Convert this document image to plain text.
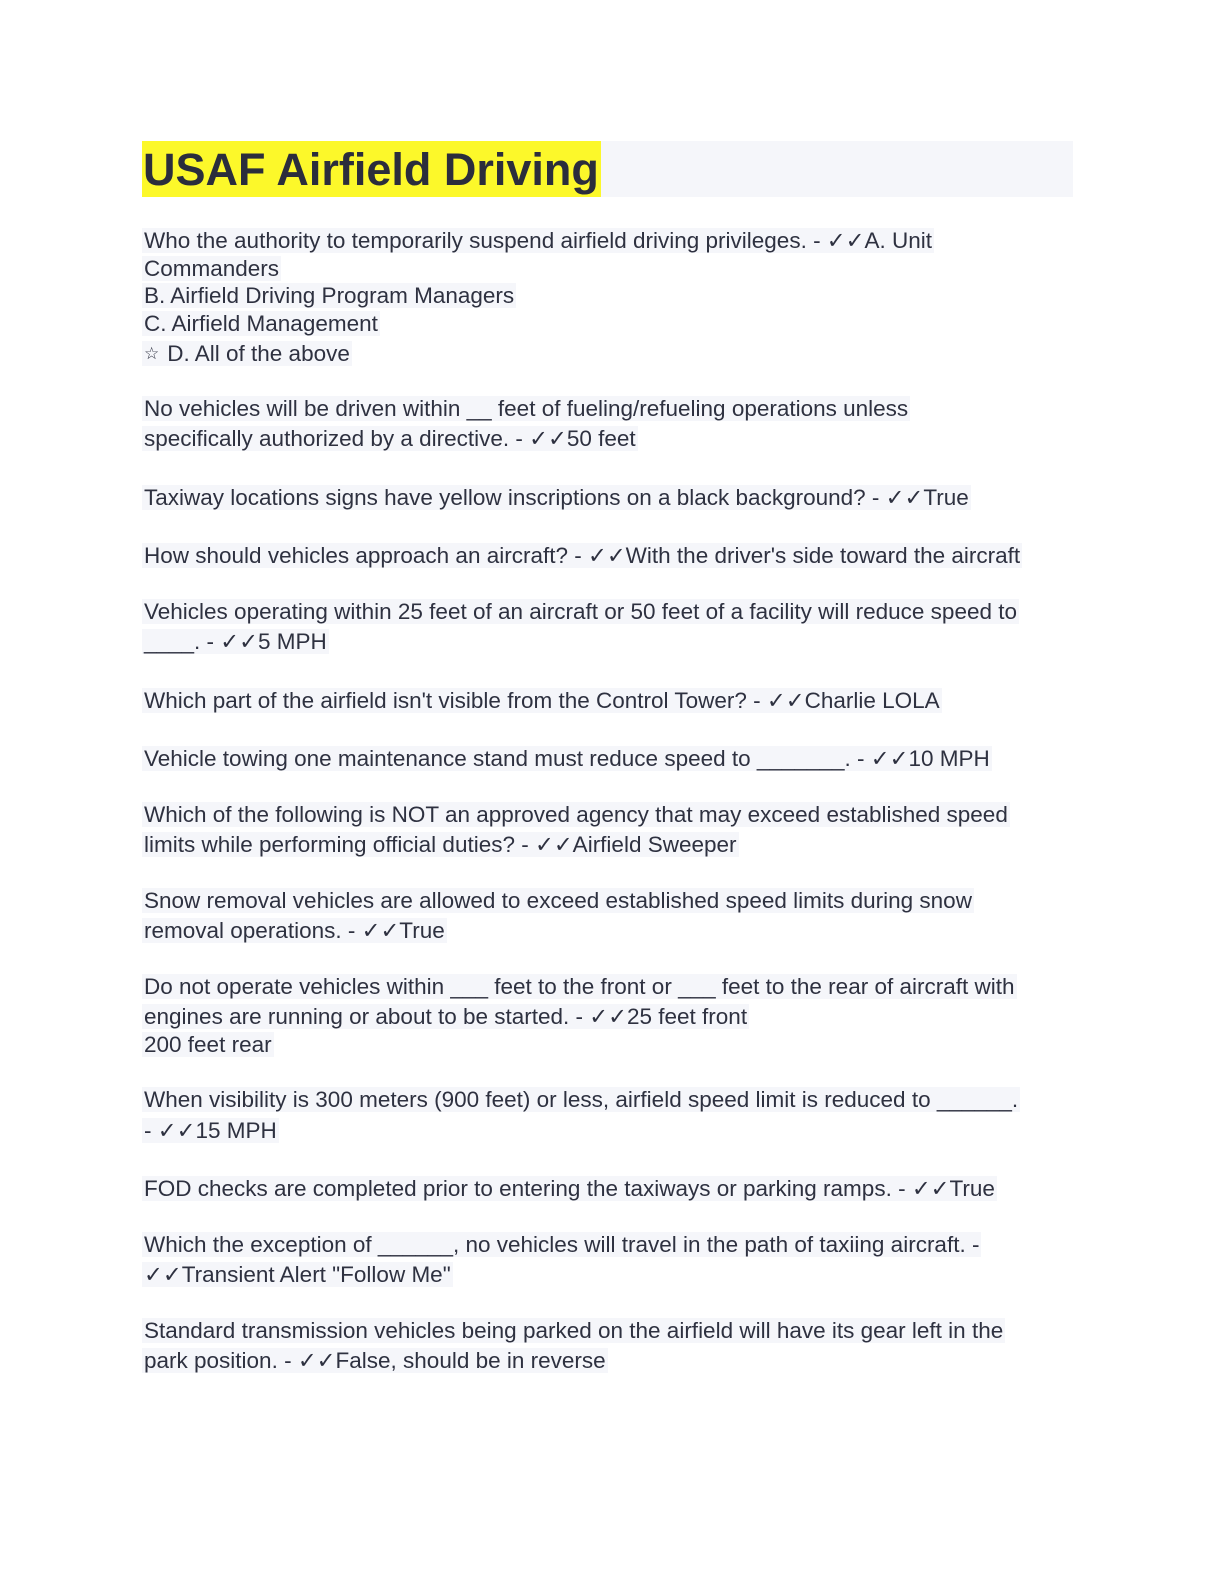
USAF Airfield Driving
Who the authority to temporarily suspend airfield driving privileges. - ✓✓A. Unit
Commanders
B. Airfield Driving Program Managers
C. Airfield Management
☆ D. All of the above
No vehicles will be driven within __ feet of fueling/refueling operations unless
specifically authorized by a directive. - ✓✓50 feet
Taxiway locations signs have yellow inscriptions on a black background? - ✓✓True
How should vehicles approach an aircraft? - ✓✓With the driver's side toward the aircraft
Vehicles operating within 25 feet of an aircraft or 50 feet of a facility will reduce speed to
____. - ✓✓5 MPH
Which part of the airfield isn't visible from the Control Tower? - ✓✓Charlie LOLA
Vehicle towing one maintenance stand must reduce speed to _______. - ✓✓10 MPH
Which of the following is NOT an approved agency that may exceed established speed
limits while performing official duties? - ✓✓Airfield Sweeper
Snow removal vehicles are allowed to exceed established speed limits during snow
removal operations. - ✓✓True
Do not operate vehicles within ___ feet to the front or ___ feet to the rear of aircraft with
engines are running or about to be started. - ✓✓25 feet front
200 feet rear
When visibility is 300 meters (900 feet) or less, airfield speed limit is reduced to ______.
- ✓✓15 MPH
FOD checks are completed prior to entering the taxiways or parking ramps. - ✓✓True
Which the exception of ______, no vehicles will travel in the path of taxiing aircraft. -
✓✓Transient Alert "Follow Me"
Standard transmission vehicles being parked on the airfield will have its gear left in the
park position. - ✓✓False, should be in reverse
